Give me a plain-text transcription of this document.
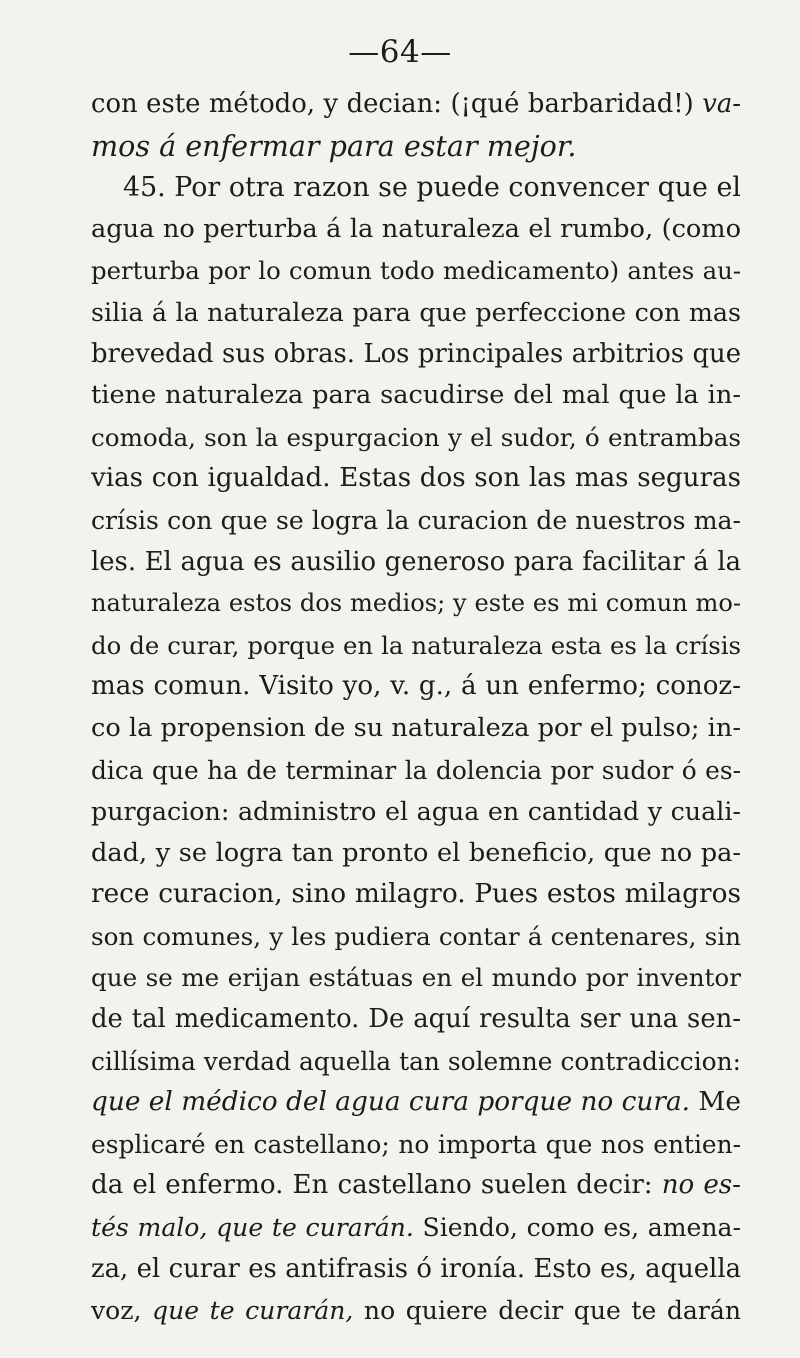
—64—
con este método, y decian: (¡qué barbaridad!) va-
mos á enfermar para estar mejor.
45. Por otra razon se puede convencer que el
agua no perturba á la naturaleza el rumbo, (como
perturba por lo comun todo medicamento) antes au-
silia á la naturaleza para que perfeccione con mas
brevedad sus obras. Los principales arbitrios que
tiene naturaleza para sacudirse del mal que la in-
comoda, son la espurgacion y el sudor, ó entrambas
vias con igualdad. Estas dos son las mas seguras
crísis con que se logra la curacion de nuestros ma-
les. El agua es ausilio generoso para facilitar á la
naturaleza estos dos medios; y este es mi comun mo-
do de curar, porque en la naturaleza esta es la crísis
mas comun. Visito yo, v. g., á un enfermo; conoz-
co la propension de su naturaleza por el pulso; in-
dica que ha de terminar la dolencia por sudor ó es-
purgacion: administro el agua en cantidad y cuali-
dad, y se logra tan pronto el beneficio, que no pa-
rece curacion, sino milagro. Pues estos milagros
son comunes, y les pudiera contar á centenares, sin
que se me erijan estátuas en el mundo por inventor
de tal medicamento. De aquí resulta ser una sen-
cillísima verdad aquella tan solemne contradiccion:
que el médico del agua cura porque no cura. Me
esplicaré en castellano; no importa que nos entien-
da el enfermo. En castellano suelen decir: no es-
tés malo, que te curarán. Siendo, como es, amena-
za, el curar es antifrasis ó ironía. Esto es, aquella
voz, que te curarán, no quiere decir que te darán
